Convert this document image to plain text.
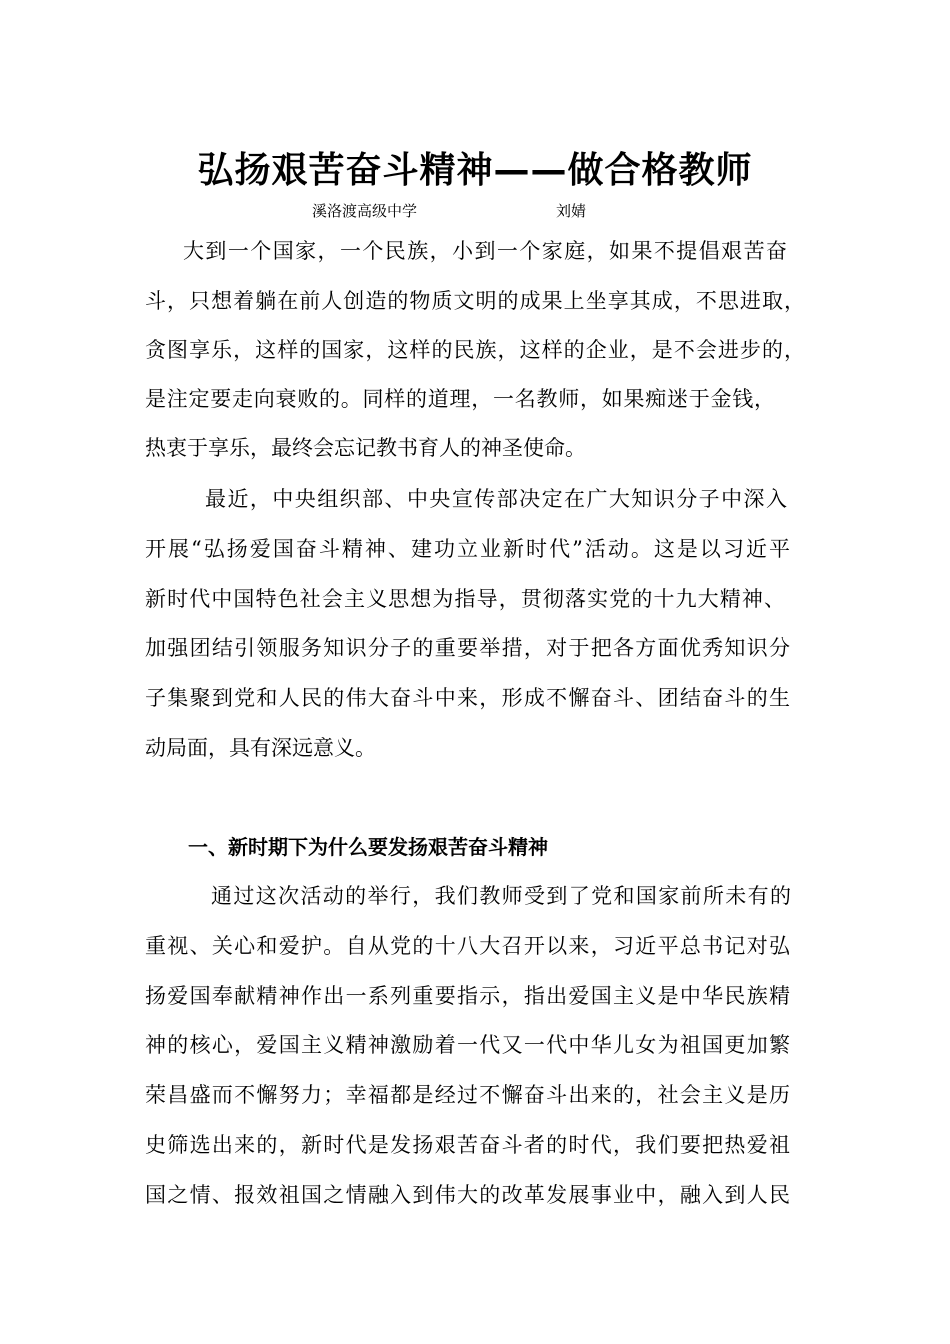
弘扬艰苦奋斗精神——做合格教师
溪洛渡高级中学	刘婧
大到一个国家，一个民族，小到一个家庭，如果不提倡艰苦奋
斗，只想着躺在前人创造的物质文明的成果上坐享其成，不思进取，
贪图享乐，这样的国家，这样的民族，这样的企业，是不会进步的，
是注定要走向衰败的。同样的道理，一名教师，如果痴迷于金钱，
热衷于享乐，最终会忘记教书育人的神圣使命。
最近，中央组织部、中央宣传部决定在广大知识分子中深入
开展“弘扬爱国奋斗精神、建功立业新时代”活动。这是以习近平
新时代中国特色社会主义思想为指导，贯彻落实党的十九大精神、
加强团结引领服务知识分子的重要举措，对于把各方面优秀知识分
子集聚到党和人民的伟大奋斗中来，形成不懈奋斗、团结奋斗的生
动局面，具有深远意义。
一、新时期下为什么要发扬艰苦奋斗精神
通过这次活动的举行，我们教师受到了党和国家前所未有的
重视、关心和爱护。自从党的十八大召开以来，习近平总书记对弘
扬爱国奉献精神作出一系列重要指示，指出爱国主义是中华民族精
神的核心，爱国主义精神激励着一代又一代中华儿女为祖国更加繁
荣昌盛而不懈努力；幸福都是经过不懈奋斗出来的，社会主义是历
史筛选出来的，新时代是发扬艰苦奋斗者的时代，我们要把热爱祖
国之情、报效祖国之情融入到伟大的改革发展事业中，融入到人民
